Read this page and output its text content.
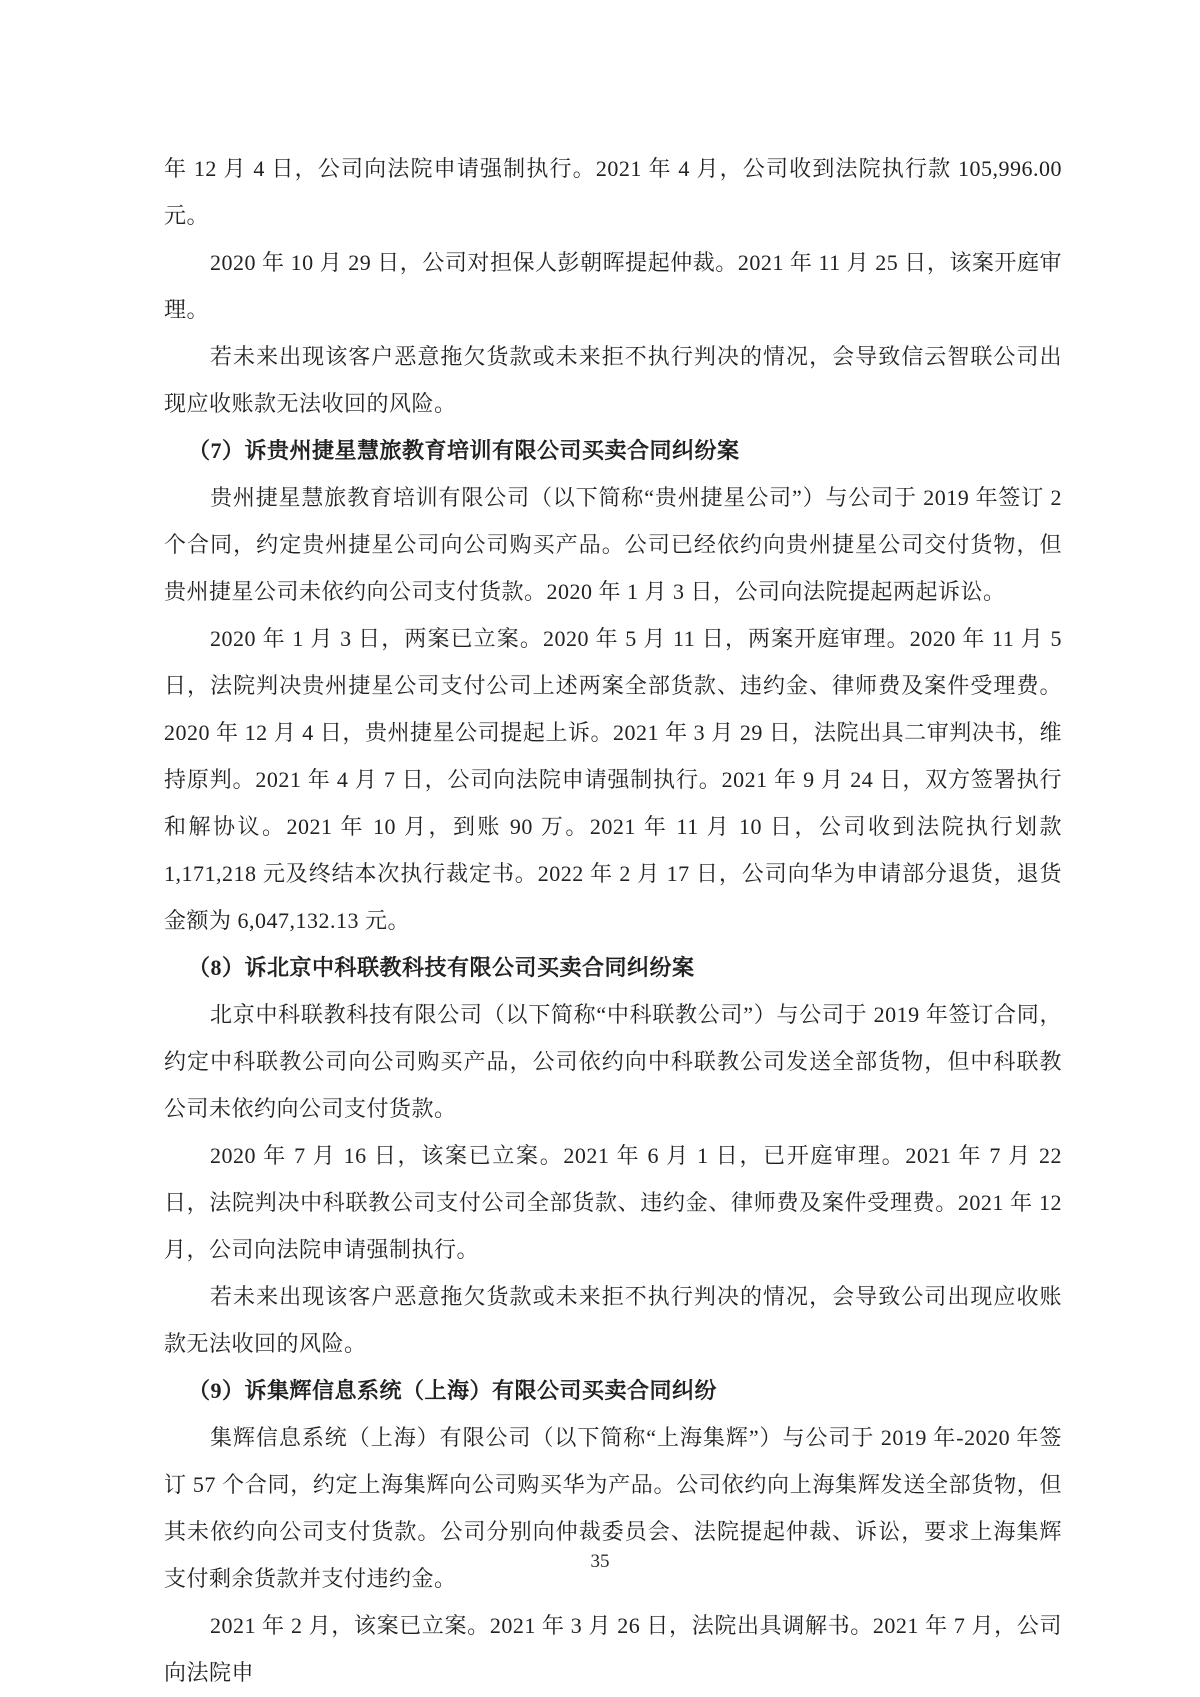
年 12 月 4 日，公司向法院申请强制执行。2021 年 4 月，公司收到法院执行款 105,996.00 元。

2020 年 10 月 29 日，公司对担保人彭朝晖提起仲裁。2021 年 11 月 25 日，该案开庭审理。

若未来出现该客户恶意拖欠货款或未来拒不执行判决的情况，会导致信云智联公司出现应收账款无法收回的风险。

（7）诉贵州捷星慧旅教育培训有限公司买卖合同纠纷案

贵州捷星慧旅教育培训有限公司（以下简称“贵州捷星公司”）与公司于 2019 年签订 2 个合同，约定贵州捷星公司向公司购买产品。公司已经依约向贵州捷星公司交付货物，但贵州捷星公司未依约向公司支付货款。2020 年 1 月 3 日，公司向法院提起两起诉讼。

2020 年 1 月 3 日，两案已立案。2020 年 5 月 11 日，两案开庭审理。2020 年 11 月 5 日，法院判决贵州捷星公司支付公司上述两案全部货款、违约金、律师费及案件受理费。2020 年 12 月 4 日，贵州捷星公司提起上诉。2021 年 3 月 29 日，法院出具二审判决书，维持原判。2021 年 4 月 7 日，公司向法院申请强制执行。2021 年 9 月 24 日，双方签署执行和解协议。2021 年 10 月，到账 90 万。2021 年 11 月 10 日，公司收到法院执行划款 1,171,218 元及终结本次执行裁定书。2022 年 2 月 17 日，公司向华为申请部分退货，退货金额为 6,047,132.13 元。

（8）诉北京中科联教科技有限公司买卖合同纠纷案

北京中科联教科技有限公司（以下简称“中科联教公司”）与公司于 2019 年签订合同，约定中科联教公司向公司购买产品，公司依约向中科联教公司发送全部货物，但中科联教公司未依约向公司支付货款。

2020 年 7 月 16 日，该案已立案。2021 年 6 月 1 日，已开庭审理。2021 年 7 月 22 日，法院判决中科联教公司支付公司全部货款、违约金、律师费及案件受理费。2021 年 12 月，公司向法院申请强制执行。

若未来出现该客户恶意拖欠货款或未来拒不执行判决的情况，会导致公司出现应收账款无法收回的风险。

（9）诉集辉信息系统（上海）有限公司买卖合同纠纷

集辉信息系统（上海）有限公司（以下简称“上海集辉”）与公司于 2019 年-2020 年签订 57 个合同，约定上海集辉向公司购买华为产品。公司依约向上海集辉发送全部货物，但其未依约向公司支付货款。公司分别向仲裁委员会、法院提起仲裁、诉讼，要求上海集辉支付剩余货款并支付违约金。

2021 年 2 月，该案已立案。2021 年 3 月 26 日，法院出具调解书。2021 年 7 月，公司向法院申

35
